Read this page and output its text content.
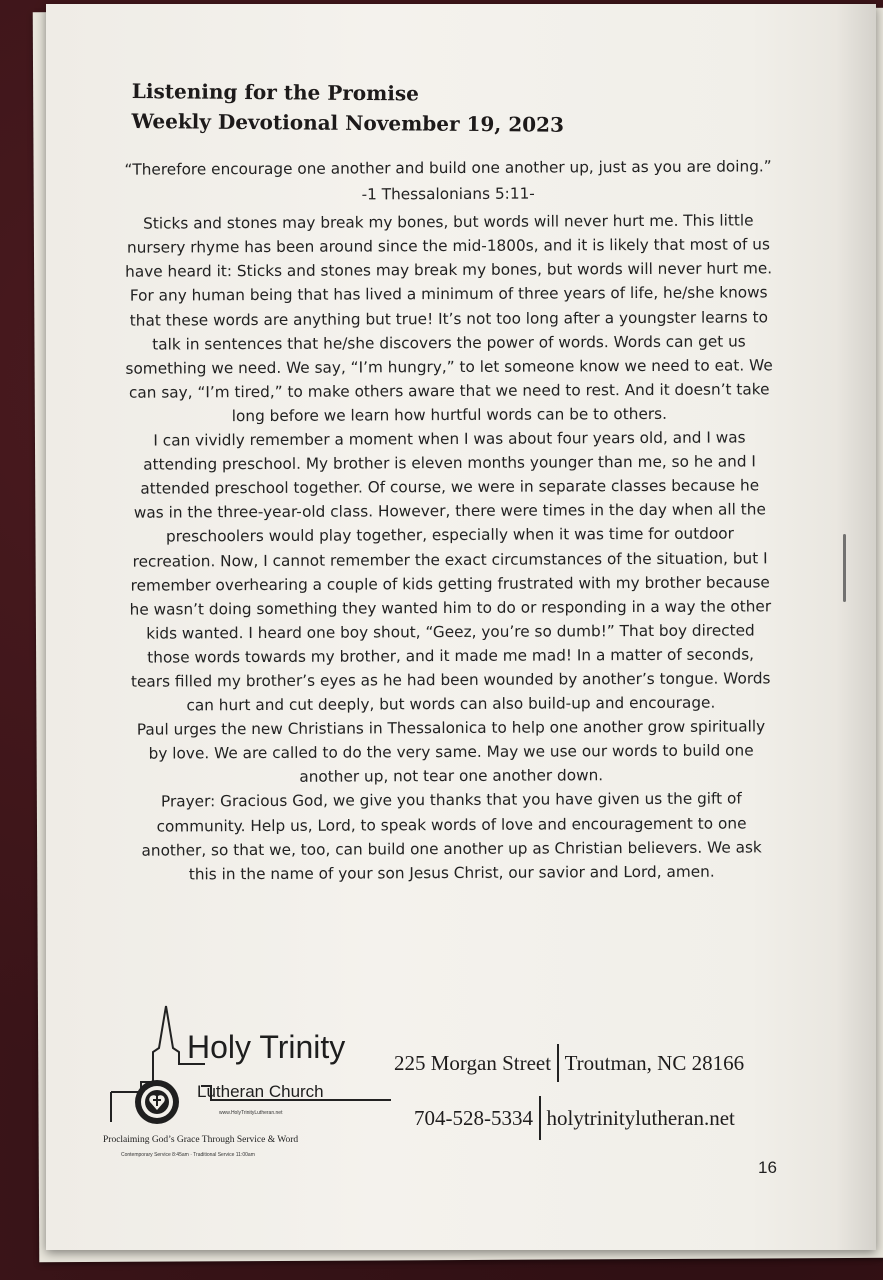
Listening for the Promise
Weekly Devotional November 19, 2023

“Therefore encourage one another and build one another up, just as you are doing.”

-1 Thessalonians 5:11-

Sticks and stones may break my bones, but words will never hurt me. This little nursery rhyme has been around since the mid-1800s, and it is likely that most of us have heard it: Sticks and stones may break my bones, but words will never hurt me. For any human being that has lived a minimum of three years of life, he/she knows that these words are anything but true! It’s not too long after a youngster learns to talk in sentences that he/she discovers the power of words. Words can get us something we need. We say, “I’m hungry,” to let someone know we need to eat. We can say, “I’m tired,” to make others aware that we need to rest. And it doesn’t take long before we learn how hurtful words can be to others.

I can vividly remember a moment when I was about four years old, and I was attending preschool. My brother is eleven months younger than me, so he and I attended preschool together. Of course, we were in separate classes because he was in the three-year-old class. However, there were times in the day when all the preschoolers would play together, especially when it was time for outdoor recreation. Now, I cannot remember the exact circumstances of the situation, but I remember overhearing a couple of kids getting frustrated with my brother because he wasn’t doing something they wanted him to do or responding in a way the other kids wanted. I heard one boy shout, “Geez, you’re so dumb!” That boy directed those words towards my brother, and it made me mad! In a matter of seconds, tears filled my brother’s eyes as he had been wounded by another’s tongue. Words can hurt and cut deeply, but words can also build-up and encourage.

Paul urges the new Christians in Thessalonica to help one another grow spiritually by love. We are called to do the very same. May we use our words to build one another up, not tear one another down.

Prayer: Gracious God, we give you thanks that you have given us the gift of community. Help us, Lord, to speak words of love and encouragement to one another, so that we, too, can build one another up as Christian believers. We ask this in the name of your son Jesus Christ, our savior and Lord, amen.

Holy Trinity
Lutheran Church
www.HolyTrinityLutheran.net
Proclaiming God’s Grace Through Service & Word
Contemporary Service 8:45am · Traditional Service 11:00am
225 Morgan Street Troutman, NC 28166
704-528-5334 holytrinitylutheran.net
16
